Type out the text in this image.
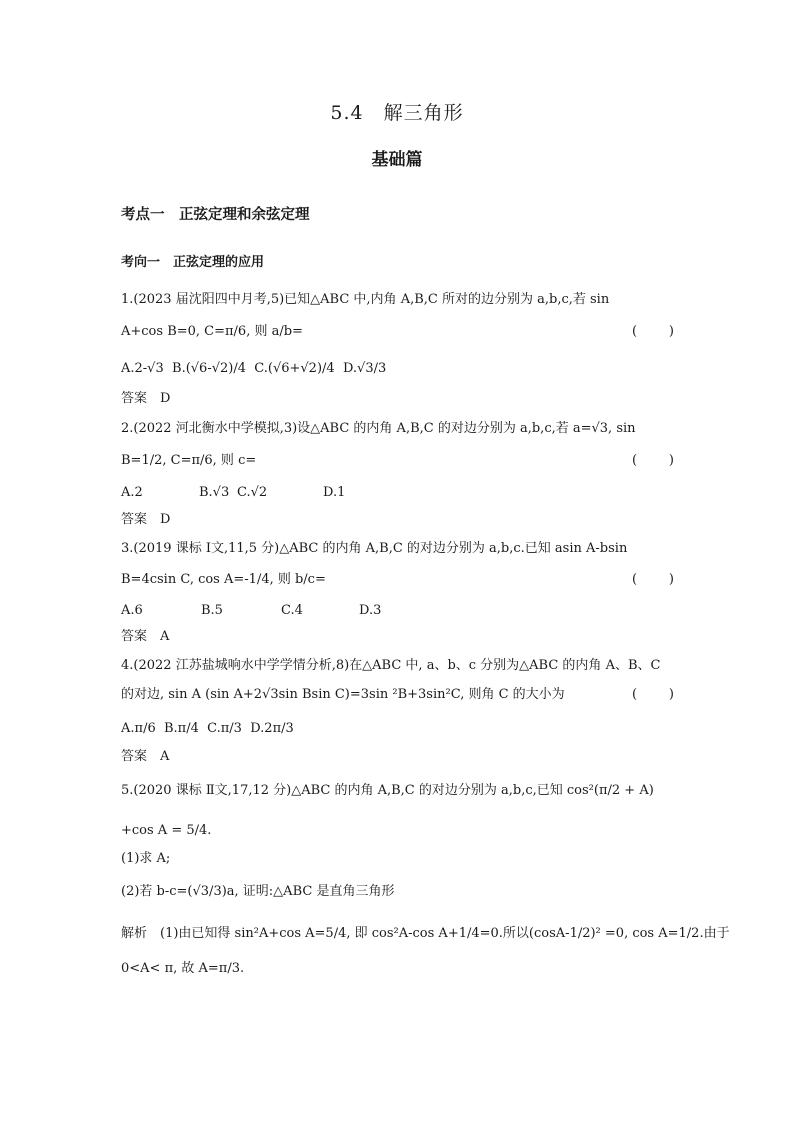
5.4　解三角形
基础篇
考点一　正弦定理和余弦定理
考向一　正弦定理的应用
1.(2023 届沈阳四中月考,5)已知△ABC 中,内角 A,B,C 所对的边分别为 a,b,c,若 sin
A+cos B=0, C=π/6, 则 a/b=	( )
A.2-√3 B.(√6-√2)/4 C.(√6+√2)/4 D.√3/3
答案　D
2.(2022 河北衡水中学模拟,3)设△ABC 的内角 A,B,C 的对边分别为 a,b,c,若 a=√3, sin
B=1/2, C=π/6, 则 c=	( )
A.2	B.√3 C.√2	D.1
答案　D
3.(2019 课标 Ⅰ文,11,5 分)△ABC 的内角 A,B,C 的对边分别为 a,b,c.已知 asin A-bsin
B=4csin C, cos A=-1/4, 则 b/c=	( )
A.6	B.5	C.4	D.3
答案　A
4.(2022 江苏盐城响水中学学情分析,8)在△ABC 中, a、b、c 分别为△ABC 的内角 A、B、C
的对边, sin A (sin A+2√3sin Bsin C)=3sin ²B+3sin²C, 则角 C 的大小为	( )
A.π/6 B.π/4 C.π/3 D.2π/3
答案　A
5.(2020 课标 Ⅱ文,17,12 分)△ABC 的内角 A,B,C 的对边分别为 a,b,c,已知 cos²(π/2 + A)
+cos A = 5/4.
(1)求 A;
(2)若 b-c=(√3/3)a, 证明:△ABC 是直角三角形
解析　(1)由已知得 sin²A+cos A=5/4, 即 cos²A-cos A+1/4=0.所以(cosA-1/2)² =0, cos A=1/2.由于
0<A< π, 故 A=π/3.
